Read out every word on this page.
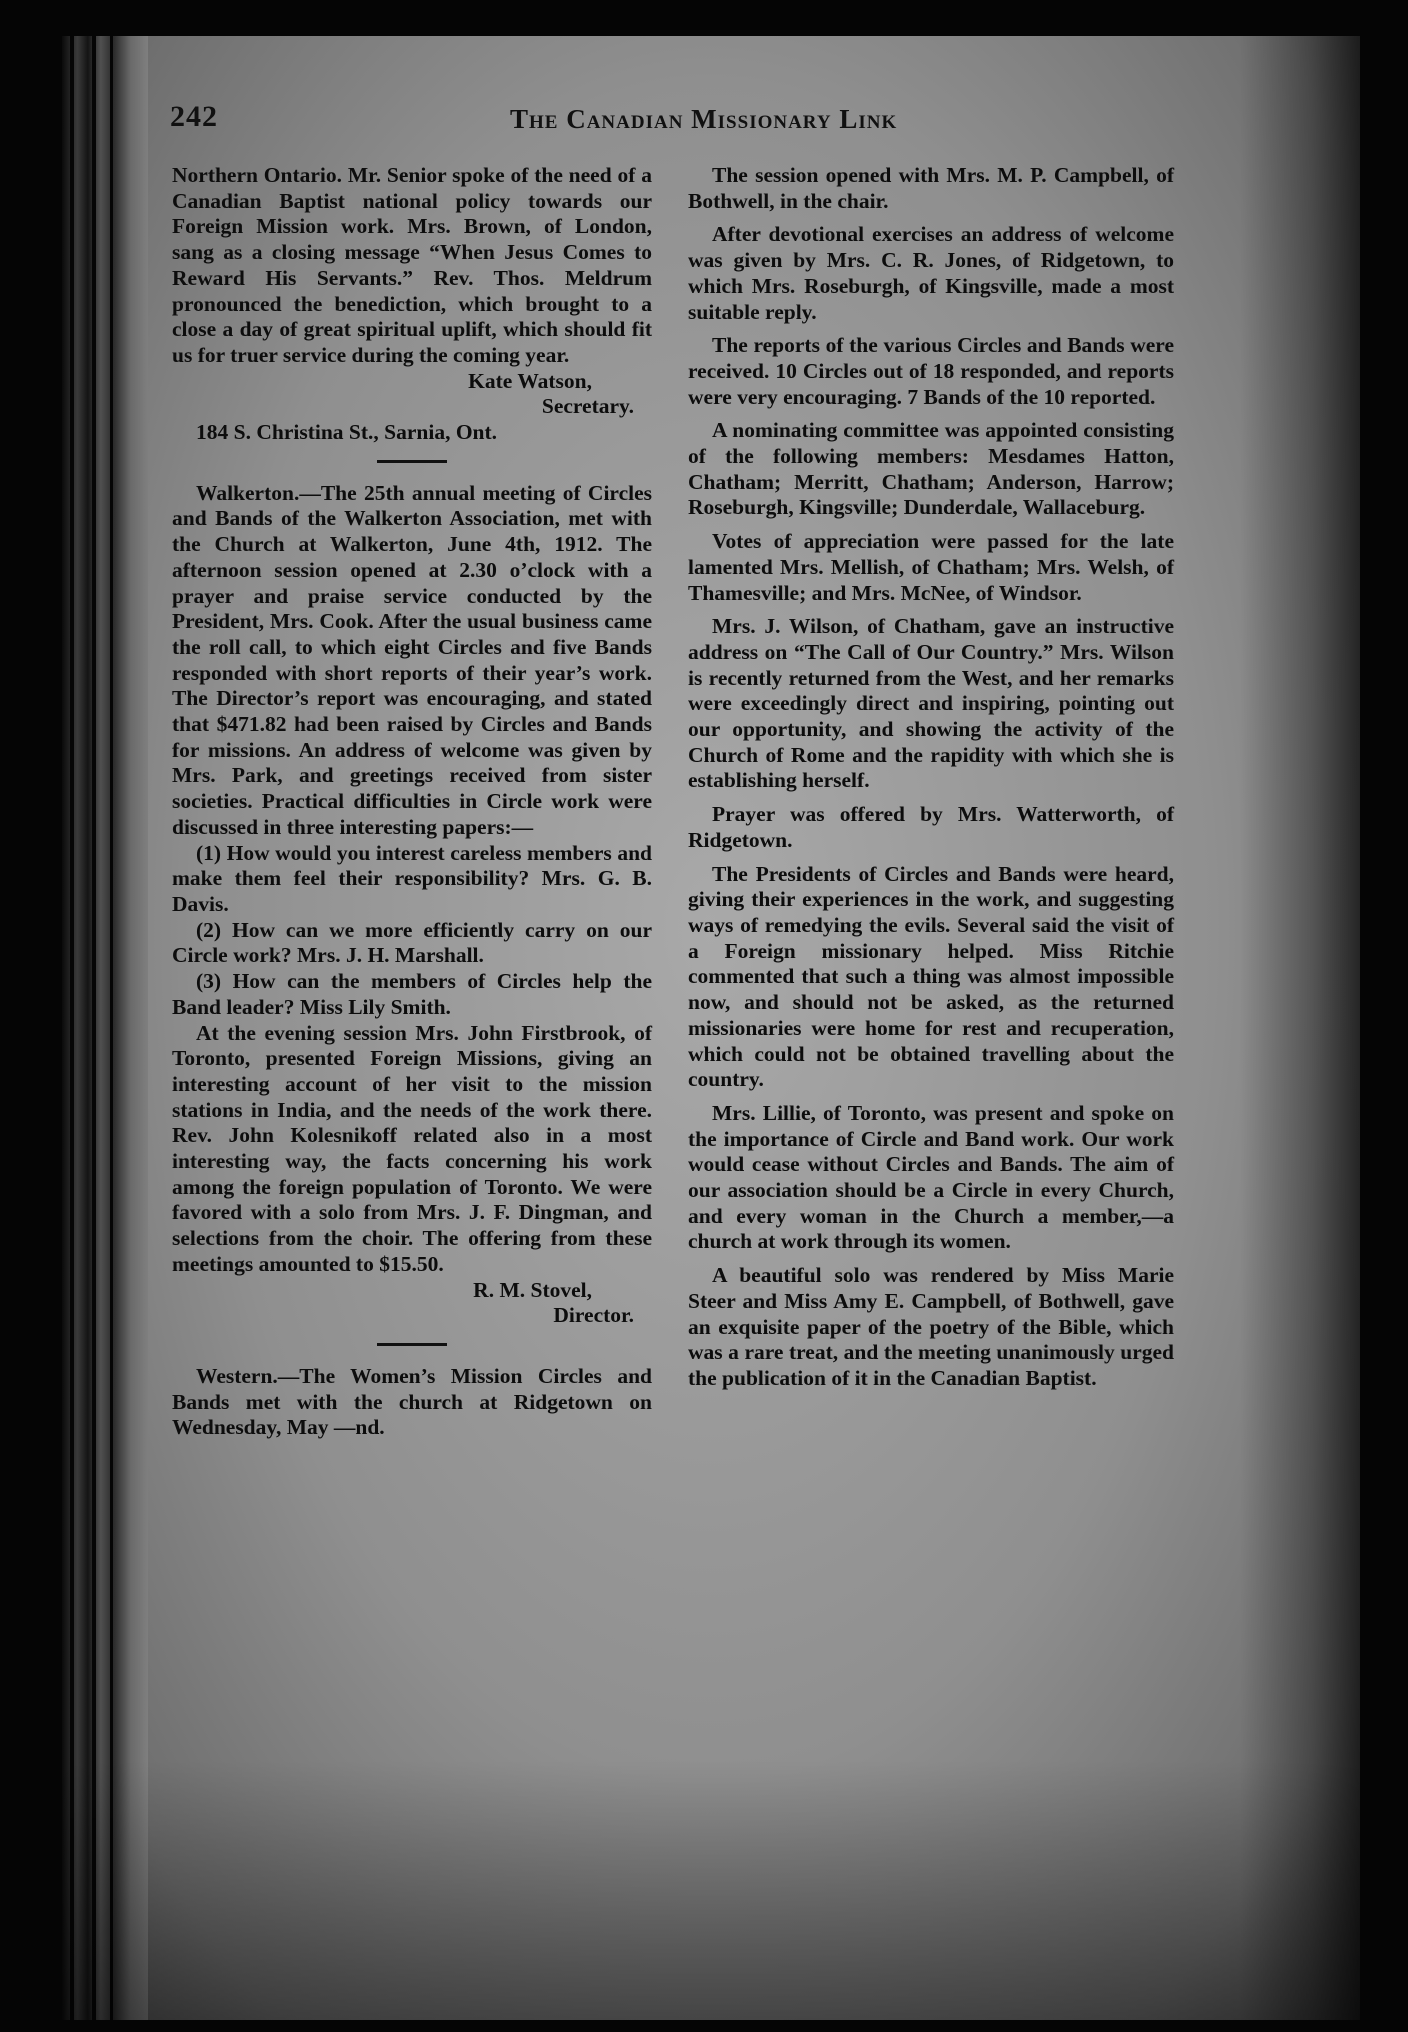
242	The Canadian Missionary Link

Northern Ontario. Mr. Senior spoke of the need of a Canadian Baptist national policy towards our Foreign Mission work. Mrs. Brown, of London, sang as a closing message “When Jesus Comes to Reward His Servants.” Rev. Thos. Meldrum pronounced the benediction, which brought to a close a day of great spiritual uplift, which should fit us for truer service during the coming year.

Kate Watson,

Secretary.

184 S. Christina St., Sarnia, Ont.

Walkerton.—The 25th annual meeting of Circles and Bands of the Walkerton Association, met with the Church at Walkerton, June 4th, 1912. The afternoon session opened at 2.30 o’clock with a prayer and praise service conducted by the President, Mrs. Cook. After the usual business came the roll call, to which eight Circles and five Bands responded with short reports of their year’s work. The Director’s report was encouraging, and stated that $471.82 had been raised by Circles and Bands for missions. An address of welcome was given by Mrs. Park, and greetings received from sister societies. Practical difficulties in Circle work were discussed in three interesting papers:—

(1) How would you interest careless members and make them feel their responsibility? Mrs. G. B. Davis.

(2) How can we more efficiently carry on our Circle work? Mrs. J. H. Marshall.

(3) How can the members of Circles help the Band leader? Miss Lily Smith.

At the evening session Mrs. John Firstbrook, of Toronto, presented Foreign Missions, giving an interesting account of her visit to the mission stations in India, and the needs of the work there. Rev. John Kolesnikoff related also in a most interesting way, the facts concerning his work among the foreign population of Toronto. We were favored with a solo from Mrs. J. F. Dingman, and selections from the choir. The offering from these meetings amounted to $15.50.

R. M. Stovel,

Director.

Western.—The Women’s Mission Circles and Bands met with the church at Ridgetown on Wednesday, May —nd.

The session opened with Mrs. M. P. Campbell, of Bothwell, in the chair.

After devotional exercises an address of welcome was given by Mrs. C. R. Jones, of Ridgetown, to which Mrs. Roseburgh, of Kingsville, made a most suitable reply.

The reports of the various Circles and Bands were received. 10 Circles out of 18 responded, and reports were very encouraging. 7 Bands of the 10 reported.

A nominating committee was appointed consisting of the following members: Mesdames Hatton, Chatham; Merritt, Chatham; Anderson, Harrow; Roseburgh, Kingsville; Dunderdale, Wallaceburg.

Votes of appreciation were passed for the late lamented Mrs. Mellish, of Chatham; Mrs. Welsh, of Thamesville; and Mrs. McNee, of Windsor.

Mrs. J. Wilson, of Chatham, gave an instructive address on “The Call of Our Country.” Mrs. Wilson is recently returned from the West, and her remarks were exceedingly direct and inspiring, pointing out our opportunity, and showing the activity of the Church of Rome and the rapidity with which she is establishing herself.

Prayer was offered by Mrs. Watterworth, of Ridgetown.

The Presidents of Circles and Bands were heard, giving their experiences in the work, and suggesting ways of remedying the evils. Several said the visit of a Foreign missionary helped. Miss Ritchie commented that such a thing was almost impossible now, and should not be asked, as the returned missionaries were home for rest and recuperation, which could not be obtained travelling about the country.

Mrs. Lillie, of Toronto, was present and spoke on the importance of Circle and Band work. Our work would cease without Circles and Bands. The aim of our association should be a Circle in every Church, and every woman in the Church a member,—a church at work through its women.

A beautiful solo was rendered by Miss Marie Steer and Miss Amy E. Campbell, of Bothwell, gave an exquisite paper of the poetry of the Bible, which was a rare treat, and the meeting unanimously urged the publication of it in the Canadian Baptist.
